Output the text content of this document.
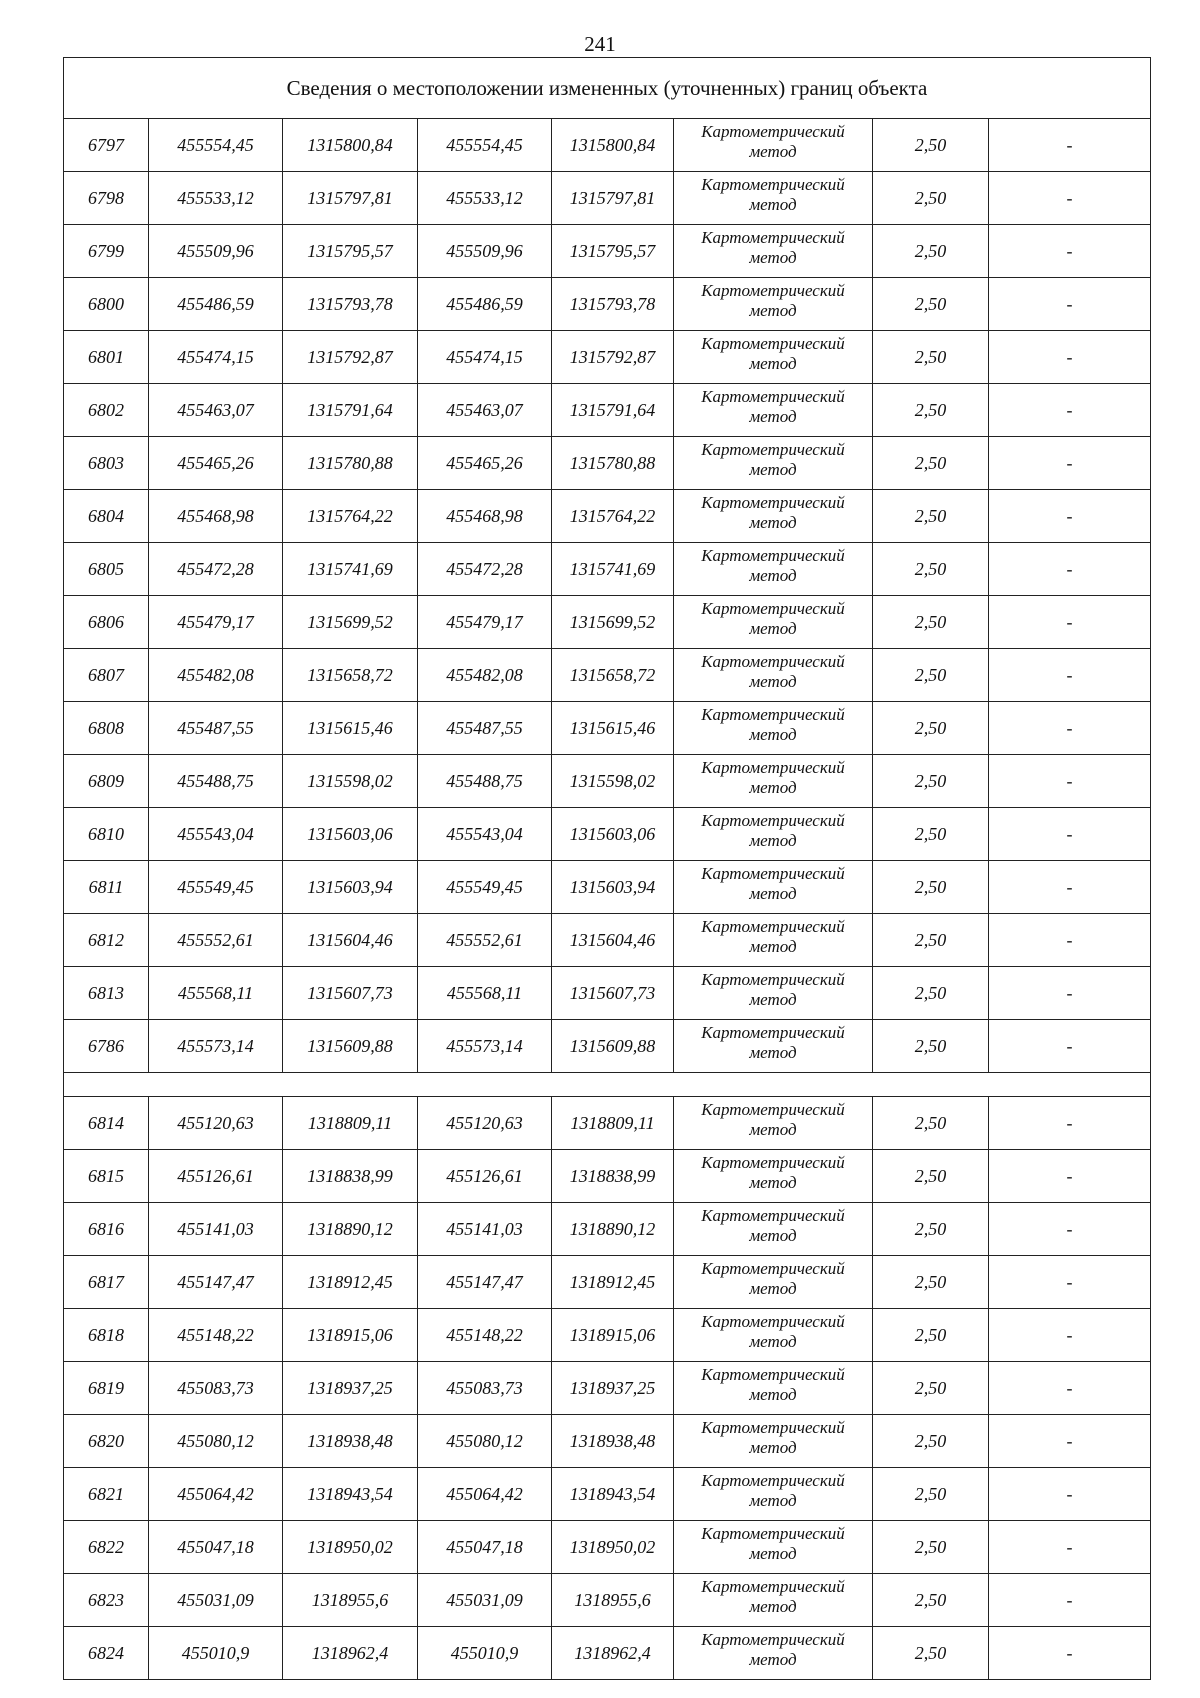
241
Сведения о местоположении измененных (уточненных) границ объекта							
6797	455554,45	1315800,84	455554,45	1315800,84	Картометрический
метод	2,50	-
6798	455533,12	1315797,81	455533,12	1315797,81	Картометрический
метод	2,50	-
6799	455509,96	1315795,57	455509,96	1315795,57	Картометрический
метод	2,50	-
6800	455486,59	1315793,78	455486,59	1315793,78	Картометрический
метод	2,50	-
6801	455474,15	1315792,87	455474,15	1315792,87	Картометрический
метод	2,50	-
6802	455463,07	1315791,64	455463,07	1315791,64	Картометрический
метод	2,50	-
6803	455465,26	1315780,88	455465,26	1315780,88	Картометрический
метод	2,50	-
6804	455468,98	1315764,22	455468,98	1315764,22	Картометрический
метод	2,50	-
6805	455472,28	1315741,69	455472,28	1315741,69	Картометрический
метод	2,50	-
6806	455479,17	1315699,52	455479,17	1315699,52	Картометрический
метод	2,50	-
6807	455482,08	1315658,72	455482,08	1315658,72	Картометрический
метод	2,50	-
6808	455487,55	1315615,46	455487,55	1315615,46	Картометрический
метод	2,50	-
6809	455488,75	1315598,02	455488,75	1315598,02	Картометрический
метод	2,50	-
6810	455543,04	1315603,06	455543,04	1315603,06	Картометрический
метод	2,50	-
6811	455549,45	1315603,94	455549,45	1315603,94	Картометрический
метод	2,50	-
6812	455552,61	1315604,46	455552,61	1315604,46	Картометрический
метод	2,50	-
6813	455568,11	1315607,73	455568,11	1315607,73	Картометрический
метод	2,50	-
6786	455573,14	1315609,88	455573,14	1315609,88	Картометрический
метод	2,50	-

6814	455120,63	1318809,11	455120,63	1318809,11	Картометрический
метод	2,50	-
6815	455126,61	1318838,99	455126,61	1318838,99	Картометрический
метод	2,50	-
6816	455141,03	1318890,12	455141,03	1318890,12	Картометрический
метод	2,50	-
6817	455147,47	1318912,45	455147,47	1318912,45	Картометрический
метод	2,50	-
6818	455148,22	1318915,06	455148,22	1318915,06	Картометрический
метод	2,50	-
6819	455083,73	1318937,25	455083,73	1318937,25	Картометрический
метод	2,50	-
6820	455080,12	1318938,48	455080,12	1318938,48	Картометрический
метод	2,50	-
6821	455064,42	1318943,54	455064,42	1318943,54	Картометрический
метод	2,50	-
6822	455047,18	1318950,02	455047,18	1318950,02	Картометрический
метод	2,50	-
6823	455031,09	1318955,6	455031,09	1318955,6	Картометрический
метод	2,50	-
6824	455010,9	1318962,4	455010,9	1318962,4	Картометрический
метод	2,50	-
